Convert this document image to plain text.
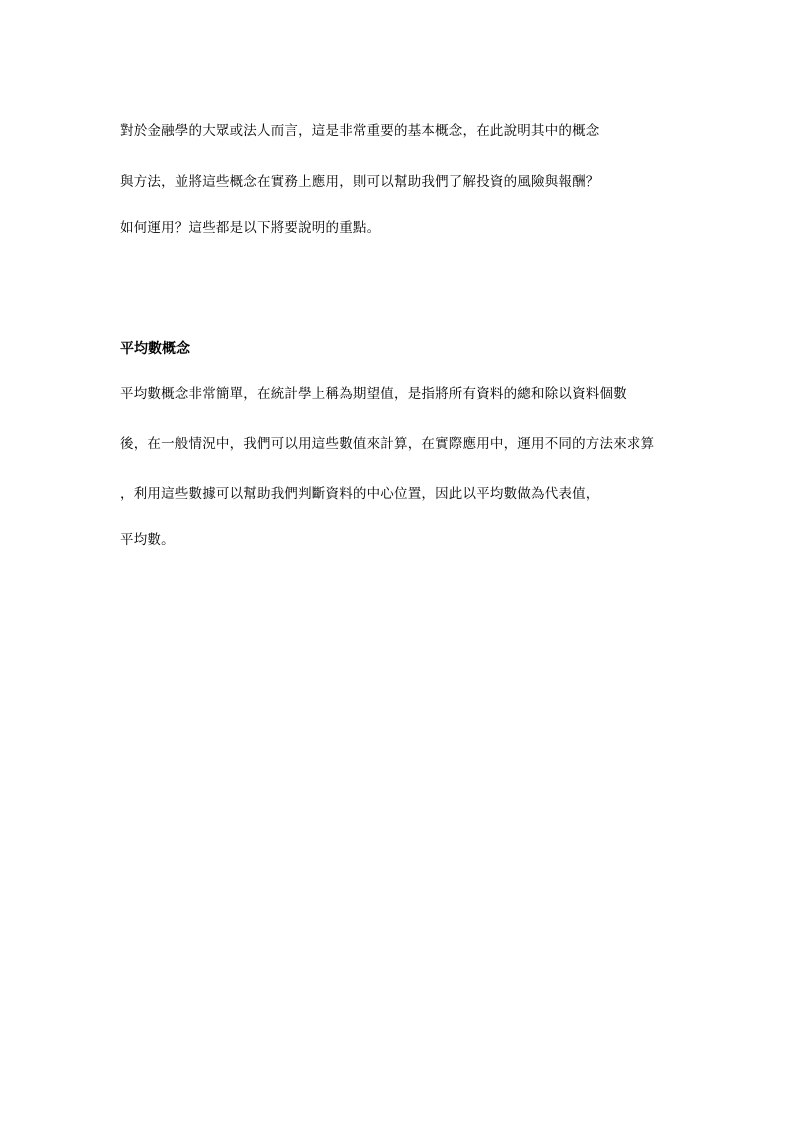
對於金融學的大眾或法人而言，這是非常重要的基本概念，在此說明其中的概念
與方法，並將這些概念在實務上應用，則可以幫助我們了解投資的風險與報酬？
如何運用？這些都是以下將要說明的重點。
平均數概念
平均數概念非常簡單，在統計學上稱為期望值，是指將所有資料的總和除以資料個數
後，在一般情況中，我們可以用這些數值來計算，在實際應用中，運用不同的方法來求算
，利用這些數據可以幫助我們判斷資料的中心位置，因此以平均數做為代表值，
平均數。
